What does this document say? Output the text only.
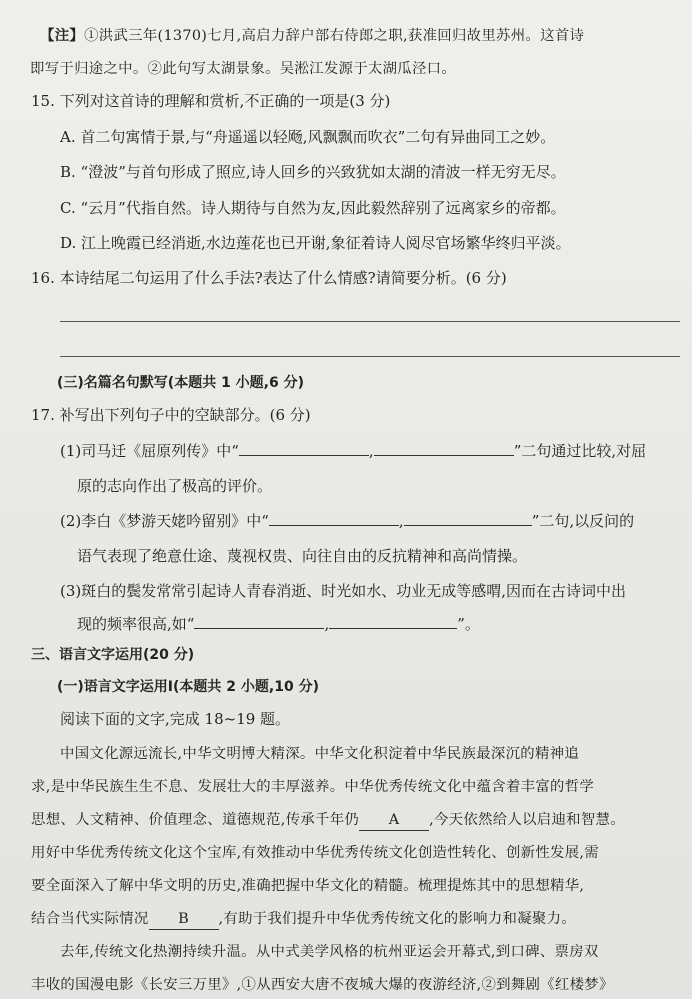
【注】①洪武三年(1370)七月,高启力辞户部右侍郎之职,获准回归故里苏州。这首诗
即写于归途之中。②此句写太湖景象。吴淞江发源于太湖瓜泾口。
15. 下列对这首诗的理解和赏析,不正确的一项是(3 分)
A. 首二句寓情于景,与“舟遥遥以轻飏,风飘飘而吹衣”二句有异曲同工之妙。
B. “澄波”与首句形成了照应,诗人回乡的兴致犹如太湖的清波一样无穷无尽。
C. “云月”代指自然。诗人期待与自然为友,因此毅然辞别了远离家乡的帝都。
D. 江上晚霞已经消逝,水边莲花也已开谢,象征着诗人阅尽官场繁华终归平淡。
16. 本诗结尾二句运用了什么手法?表达了什么情感?请简要分析。(6 分)
(三)名篇名句默写(本题共 1 小题,6 分)
17. 补写出下列句子中的空缺部分。(6 分)
(1)司马迁《屈原列传》中“	,	”二句通过比较,对屈
原的志向作出了极高的评价。
(2)李白《梦游天姥吟留别》中“	,	”二句,以反问的
语气表现了绝意仕途、蔑视权贵、向往自由的反抗精神和高尚情操。
(3)斑白的鬓发常常引起诗人青春消逝、时光如水、功业无成等感喟,因而在古诗词中出
现的频率很高,如“	,	”。
三、语言文字运用(20 分)
(一)语言文字运用Ⅰ(本题共 2 小题,10 分)
阅读下面的文字,完成 18~19 题。
中国文化源远流长,中华文明博大精深。中华文化积淀着中华民族最深沉的精神追
求,是中华民族生生不息、发展壮大的丰厚滋养。中华优秀传统文化中蕴含着丰富的哲学
思想、人文精神、价值理念、道德规范,传承千年仍 A ,今天依然给人以启迪和智慧。
用好中华优秀传统文化这个宝库,有效推动中华优秀传统文化创造性转化、创新性发展,需
要全面深入了解中华文明的历史,准确把握中华文化的精髓。梳理提炼其中的思想精华,
结合当代实际情况 B ,有助于我们提升中华优秀传统文化的影响力和凝聚力。
去年,传统文化热潮持续升温。从中式美学风格的杭州亚运会开幕式,到口碑、票房双
丰收的国漫电影《长安三万里》,①从西安大唐不夜城大爆的夜游经济,②到舞剧《红楼梦》
